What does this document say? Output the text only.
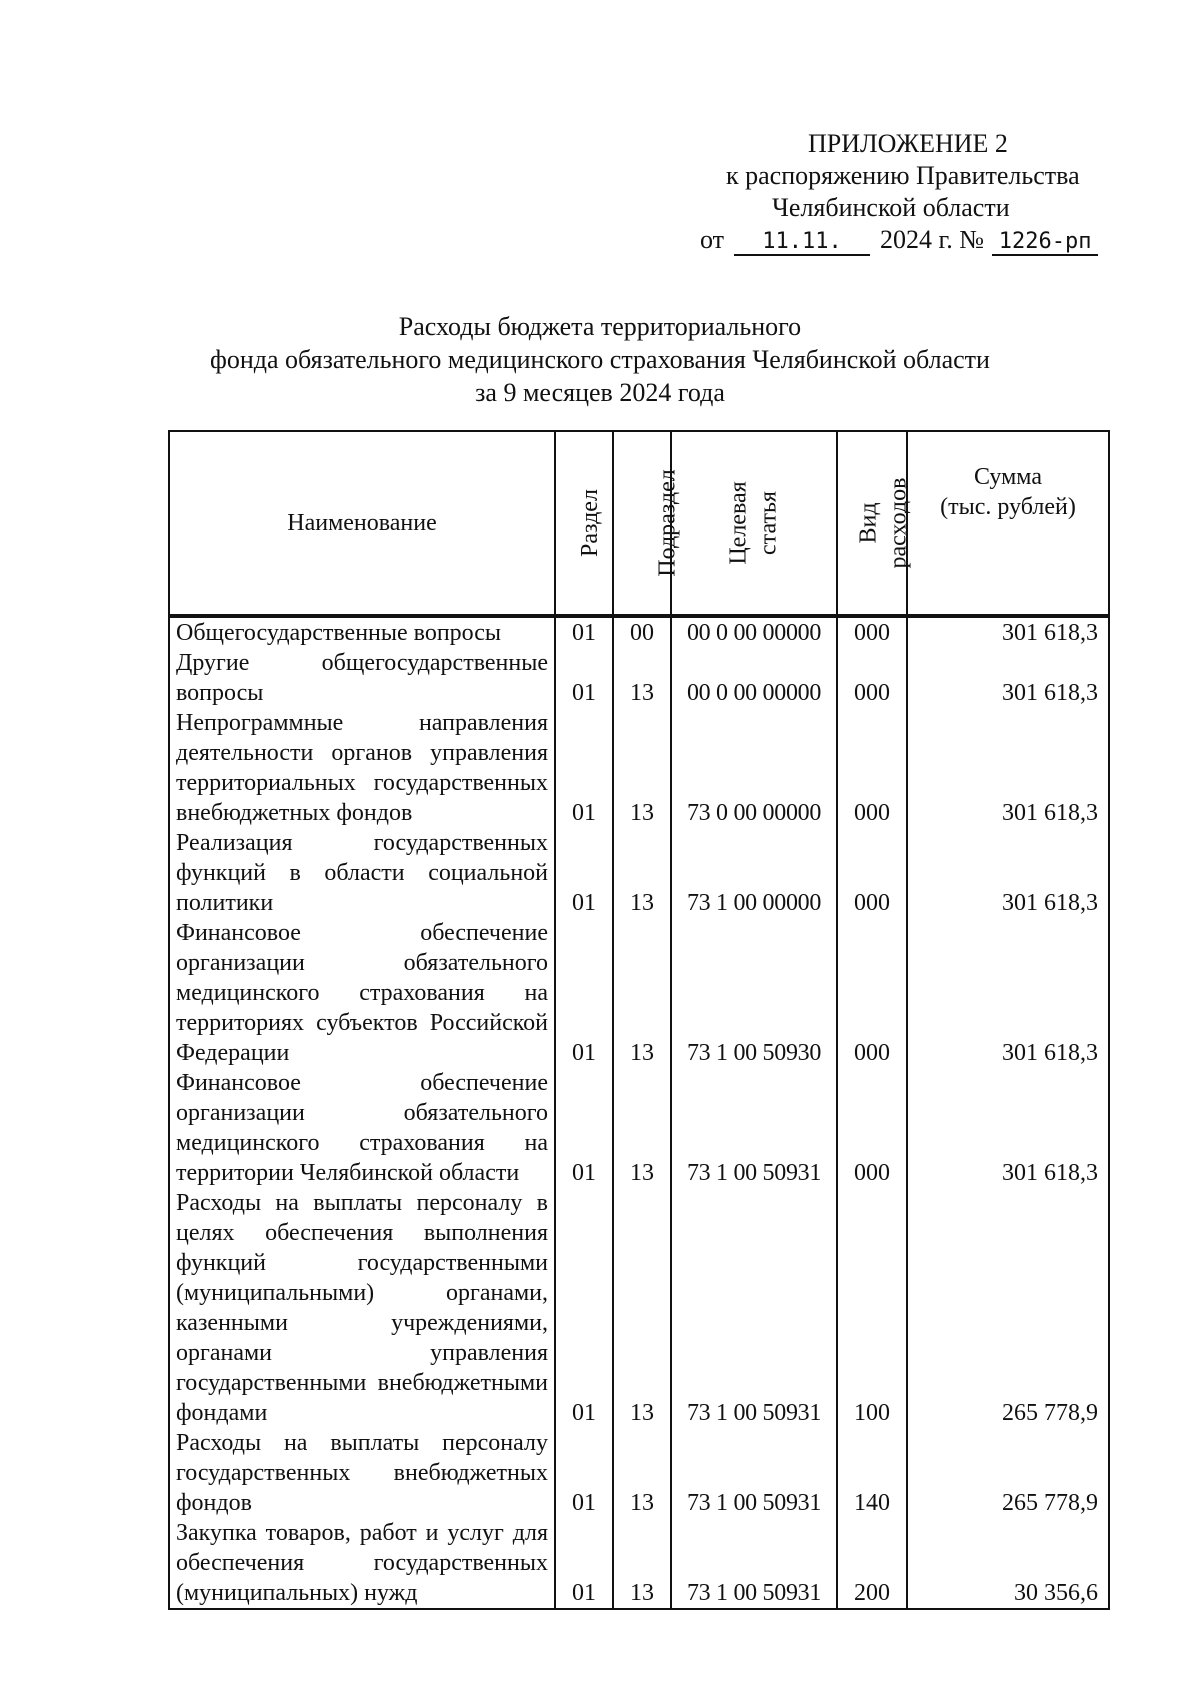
ПРИЛОЖЕНИЕ 2
к распоряжению Правительства
Челябинской области
от 11.11. 2024 г. № 1226-рп
Расходы бюджета территориального
фонда обязательного медицинского страхования Челябинской области
за 9 месяцев 2024 года
Наименование	Раздел	Подраздел	Целевая статья	Вид расходов	Сумма
(тыс. рублей)
Общегосударственные вопросы	01	00	00 0 00 00000	000	301 618,3
Другие общегосударственные вопросы	01	13	00 0 00 00000	000	301 618,3
Непрограммные направления деятельности органов управления территориальных государственных внебюджетных фондов	01	13	73 0 00 00000	000	301 618,3
Реализация государственных функций в области социальной политики	01	13	73 1 00 00000	000	301 618,3
Финансовое обеспечение организации обязательного медицинского страхования на территориях субъектов Российской Федерации	01	13	73 1 00 50930	000	301 618,3
Финансовое обеспечение организации обязательного медицинского страхования на территории Челябинской области	01	13	73 1 00 50931	000	301 618,3
Расходы на выплаты персоналу в целях обеспечения выполнения функций государственными (муниципальными) органами, казенными учреждениями, органами управления государственными внебюджетными фондами	01	13	73 1 00 50931	100	265 778,9
Расходы на выплаты персоналу государственных внебюджетных фондов	01	13	73 1 00 50931	140	265 778,9
Закупка товаров, работ и услуг для обеспечения государственных (муниципальных) нужд	01	13	73 1 00 50931	200	30 356,6
